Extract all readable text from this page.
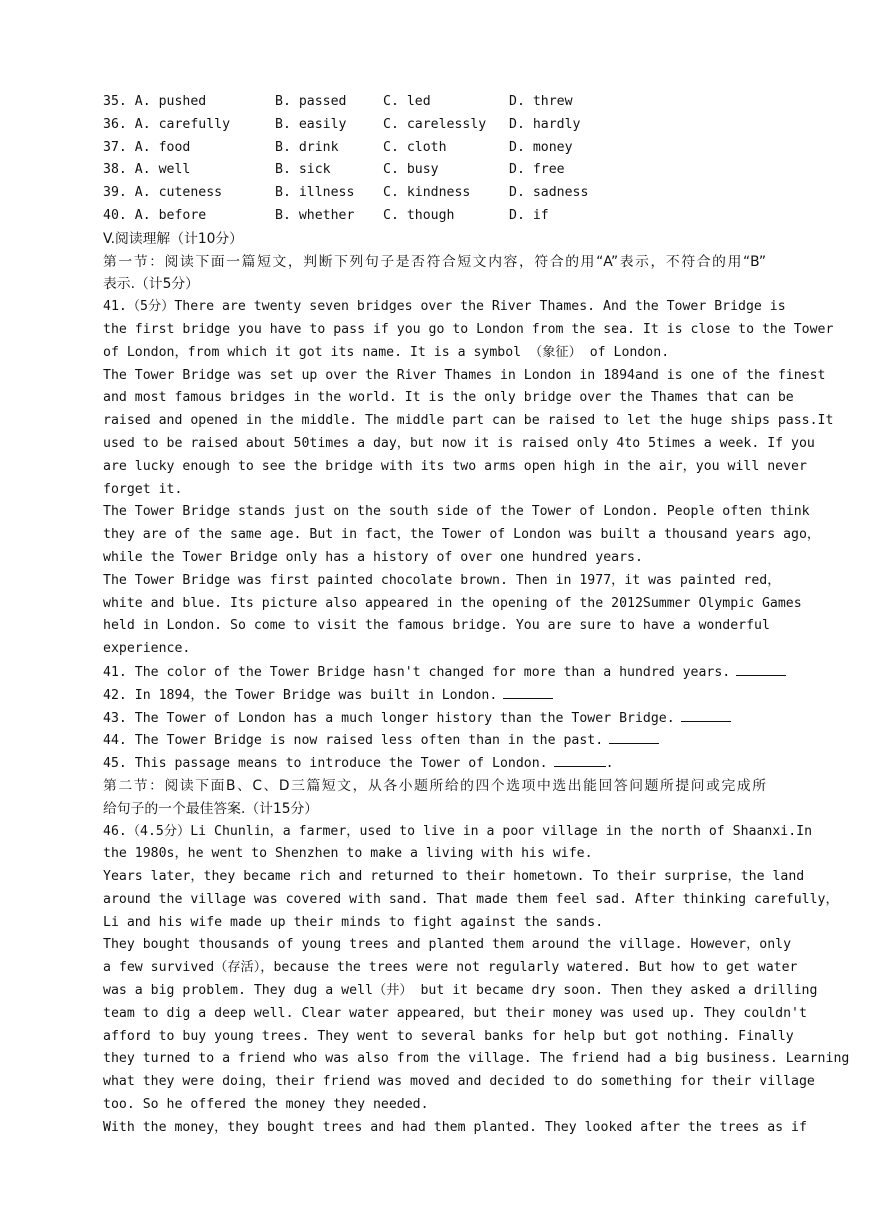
35. A. pushed	B. passed	C. led	D. threw
36. A. carefully	B. easily	C. carelessly	D. hardly
37. A. food	B. drink	C. cloth	D. money
38. A. well	B. sick	C. busy	D. free
39. A. cuteness	B. illness	C. kindness	D. sadness
40. A. before	B. whether	C. though	D. if
V.阅读理解（计10分）
第一节：阅读下面一篇短文，判断下列句子是否符合短文内容，符合的用“A”表示，不符合的用“B”
表示.（计5分）
41.（5分）There are twenty seven bridges over the River Thames. And the Tower Bridge is
the first bridge you have to pass if you go to London from the sea. It is close to the Tower
of London，from which it got its name. It is a symbol （象征） of London.
The Tower Bridge was set up over the River Thames in London in 1894and is one of the finest
and most famous bridges in the world. It is the only bridge over the Thames that can be
raised and opened in the middle. The middle part can be raised to let the huge ships pass.It
used to be raised about 50times a day，but now it is raised only 4to 5times a week. If you
are lucky enough to see the bridge with its two arms open high in the air，you will never
forget it.
The Tower Bridge stands just on the south side of the Tower of London. People often think
they are of the same age. But in fact，the Tower of London was built a thousand years ago，
while the Tower Bridge only has a history of over one hundred years.
The Tower Bridge was first painted chocolate brown. Then in 1977，it was painted red，
white and blue. Its picture also appeared in the opening of the 2012Summer Olympic Games
held in London. So come to visit the famous bridge. You are sure to have a wonderful
experience.
41. The color of the Tower Bridge hasn't changed for more than a hundred years.
42. In 1894，the Tower Bridge was built in London.
43. The Tower of London has a much longer history than the Tower Bridge.
44. The Tower Bridge is now raised less often than in the past.
45. This passage means to introduce the Tower of London.	.
第二节：阅读下面B、C、D三篇短文，从各小题所给的四个选项中选出能回答问题所提问或完成所
给句子的一个最佳答案.（计15分）
46.（4.5分）Li Chunlin，a farmer，used to live in a poor village in the north of Shaanxi.In
the 1980s，he went to Shenzhen to make a living with his wife.
Years later，they became rich and returned to their hometown. To their surprise，the land
around the village was covered with sand. That made them feel sad. After thinking carefully，
Li and his wife made up their minds to fight against the sands.
They bought thousands of young trees and planted them around the village. However，only
a few survived（存活），because the trees were not regularly watered. But how to get water
was a big problem. They dug a well（井） but it became dry soon. Then they asked a drilling
team to dig a deep well. Clear water appeared，but their money was used up. They couldn't
afford to buy young trees. They went to several banks for help but got nothing. Finally
they turned to a friend who was also from the village. The friend had a big business. Learning
what they were doing，their friend was moved and decided to do something for their village
too. So he offered the money they needed.
With the money，they bought trees and had them planted. They looked after the trees as if
